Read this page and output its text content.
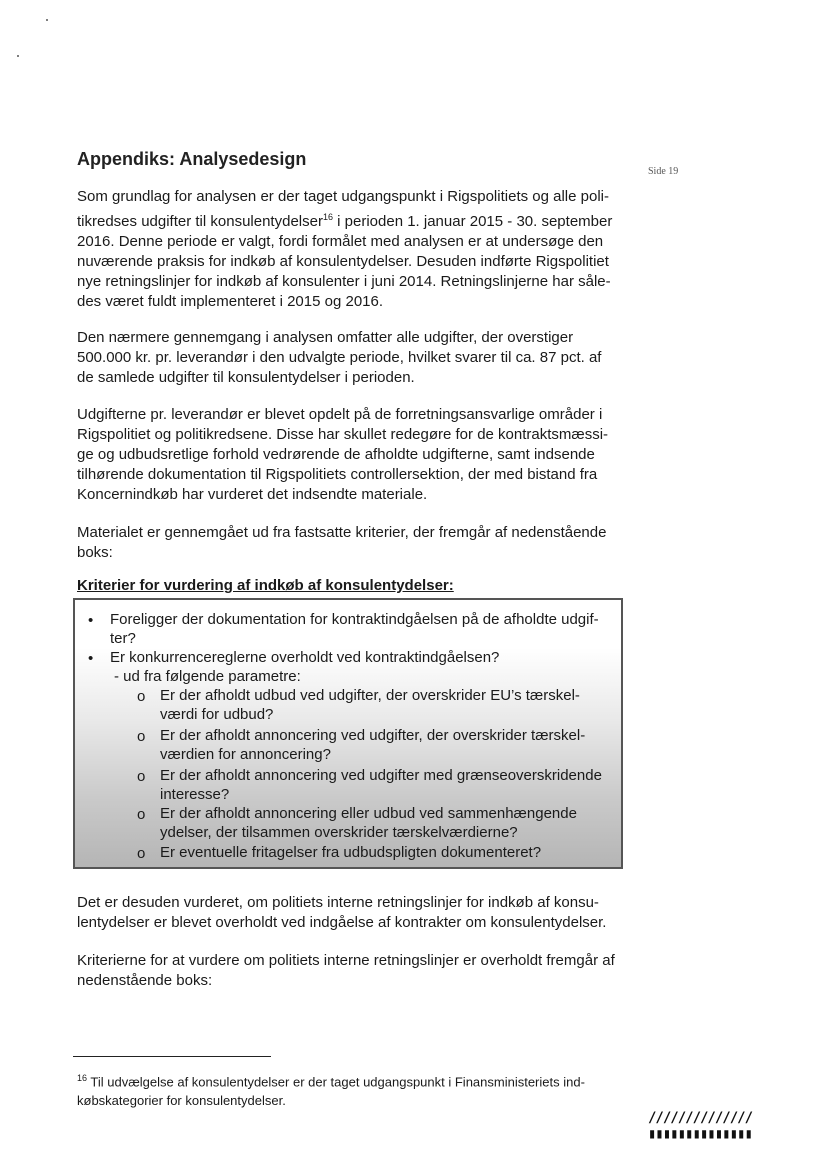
Side 19
Appendiks: Analysedesign

Som grundlag for analysen er der taget udgangspunkt i Rigspolitiets og alle poli-
tikredses udgifter til konsulentydelser$^{16}$ i perioden 1. januar 2015 - 30. september
2016. Denne periode er valgt, fordi formålet med analysen er at undersøge den
nuværende praksis for indkøb af konsulentydelser. Desuden indførte Rigspolitiet
nye retningslinjer for indkøb af konsulenter i juni 2014. Retningslinjerne har såle-
des været fuldt implementeret i 2015 og 2016.

Den nærmere gennemgang i analysen omfatter alle udgifter, der overstiger
500.000 kr. pr. leverandør i den udvalgte periode, hvilket svarer til ca. 87 pct. af
de samlede udgifter til konsulentydelser i perioden.

Udgifterne pr. leverandør er blevet opdelt på de forretningsansvarlige områder i
Rigspolitiet og politikredsene. Disse har skullet redegøre for de kontraktsmæssi-
ge og udbudsretlige forhold vedrørende de afholdte udgifterne, samt indsende
tilhørende dokumentation til Rigspolitiets controllersektion, der med bistand fra
Koncernindkøb har vurderet det indsendte materiale.

Materialet er gennemgået ud fra fastsatte kriterier, der fremgår af nedenstående
boks:

Kriterier for vurdering af indkøb af konsulentydelser:
• Foreligger der dokumentation for kontraktindgåelsen på de afholdte udgif-
ter?

• Er konkurrencereglerne overholdt ved kontraktindgåelsen?

- ud fra følgende parametre:

o Er der afholdt udbud ved udgifter, der overskrider EU’s tærskel-
værdi for udbud?

o Er der afholdt annoncering ved udgifter, der overskrider tærskel-
værdien for annoncering?

o Er der afholdt annoncering ved udgifter med grænseoverskridende
interesse?

o Er der afholdt annoncering eller udbud ved sammenhængende
ydelser, der tilsammen overskrider tærskelværdierne?

o Er eventuelle fritagelser fra udbudspligten dokumenteret?

Det er desuden vurderet, om politiets interne retningslinjer for indkøb af konsu-
lentydelser er blevet overholdt ved indgåelse af kontrakter om konsulentydelser.

Kriterierne for at vurdere om politiets interne retningslinjer er overholdt fremgår af
nedenstående boks:

$^{16}$ Til udvælgelse af konsulentydelser er der taget udgangspunkt i Finansministeriets ind-
købskategorier for konsulentydelser.

//////////////
▮▮▮▮▮▮▮▮▮▮▮▮▮▮
